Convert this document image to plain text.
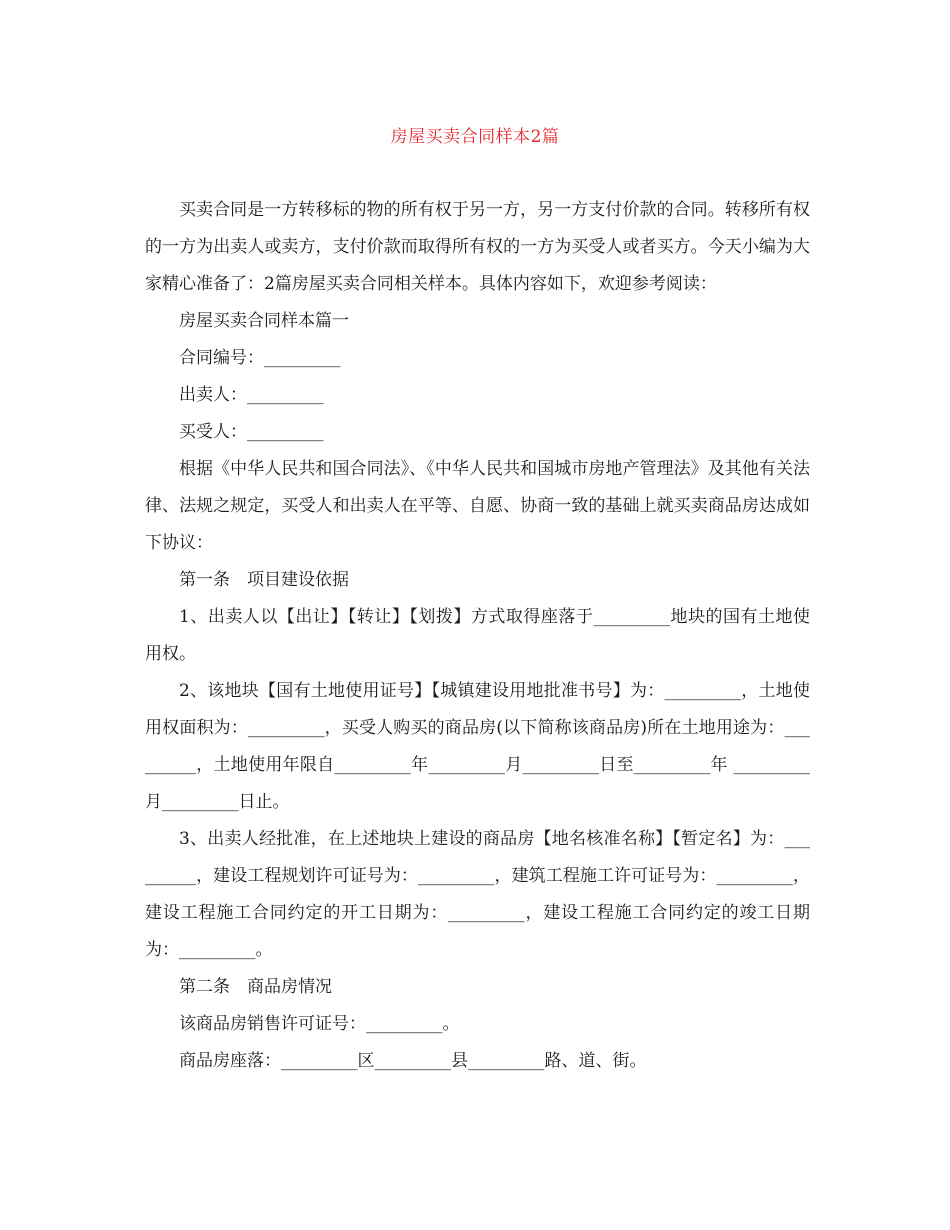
房屋买卖合同样本2篇

买卖合同是一方转移标的物的所有权于另一方，另一方支付价款的合同。转移所有权的一方为出卖人或卖方，支付价款而取得所有权的一方为买受人或者买方。今天小编为大家精心准备了：2篇房屋买卖合同相关样本。具体内容如下，欢迎参考阅读：

房屋买卖合同样本篇一

合同编号：_________

出卖人：_________

买受人：_________

根据《中华人民共和国合同法》、《中华人民共和国城市房地产管理法》及其他有关法律、法规之规定，买受人和出卖人在平等、自愿、协商一致的基础上就买卖商品房达成如下协议：

第一条　项目建设依据

1、出卖人以【出让】【转让】【划拨】方式取得座落于_________地块的国有土地使用权。

2、该地块【国有土地使用证号】【城镇建设用地批准书号】为：_________，土地使用权面积为：_________，买受人购买的商品房(以下简称该商品房)所在土地用途为：_________，土地使用年限自_________年_________月_________日至_________年 _________月_________日止。

3、出卖人经批准，在上述地块上建设的商品房【地名核准名称】【暂定名】为：_________，建设工程规划许可证号为：_________，建筑工程施工许可证号为：_________，建设工程施工合同约定的开工日期为：_________，建设工程施工合同约定的竣工日期为：_________。

第二条　商品房情况

该商品房销售许可证号：_________。

商品房座落：_________区_________县_________路、道、街。
